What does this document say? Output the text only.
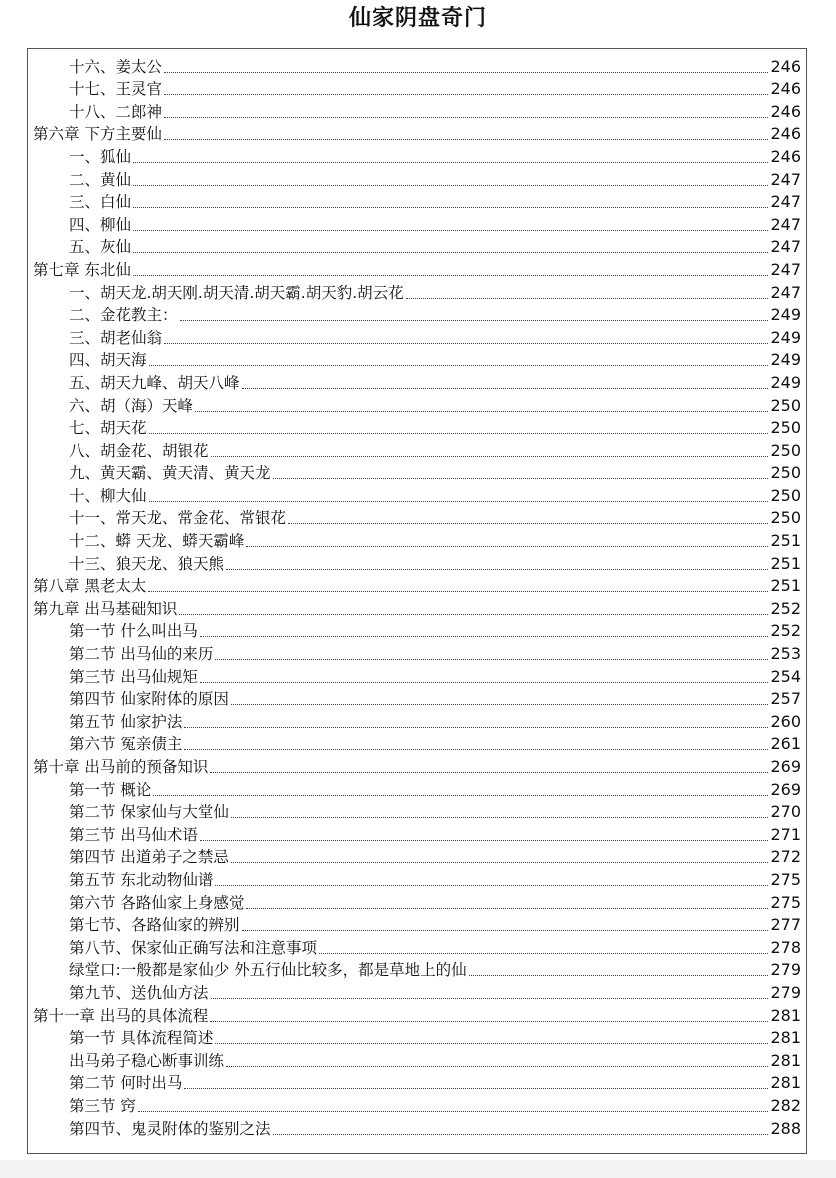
仙家阴盘奇门
十六、姜太公	246
十七、王灵官	246
十八、二郎神	246
第六章 下方主要仙	246
一、狐仙	246
二、黄仙	247
三、白仙	247
四、柳仙	247
五、灰仙	247
第七章 东北仙	247
一、胡天龙.胡天刚.胡天清.胡天霸.胡天豹.胡云花	247
二、金花教主：	249
三、胡老仙翁	249
四、胡天海	249
五、胡天九峰、胡天八峰	249
六、胡（海）天峰	250
七、胡天花	250
八、胡金花、胡银花	250
九、黄天霸、黄天清、黄天龙	250
十、柳大仙	250
十一、常天龙、常金花、常银花	250
十二、蟒 天龙、蟒天霸峰	251
十三、狼天龙、狼天熊	251
第八章 黑老太太	251
第九章 出马基础知识	252
第一节 什么叫出马	252
第二节 出马仙的来历	253
第三节 出马仙规矩	254
第四节 仙家附体的原因	257
第五节 仙家护法	260
第六节 冤亲债主	261
第十章 出马前的预备知识	269
第一节 概论	269
第二节 保家仙与大堂仙	270
第三节 出马仙术语	271
第四节 出道弟子之禁忌	272
第五节 东北动物仙谱	275
第六节 各路仙家上身感觉	275
第七节、各路仙家的辨别	277
第八节、保家仙正确写法和注意事项	278
绿堂口:一般都是家仙少 外五行仙比较多，都是草地上的仙	279
第九节、送仇仙方法	279
第十一章 出马的具体流程	281
第一节 具体流程简述	281
出马弟子稳心断事训练	281
第二节 何时出马	281
第三节 窍	282
第四节、鬼灵附体的鉴别之法	288
